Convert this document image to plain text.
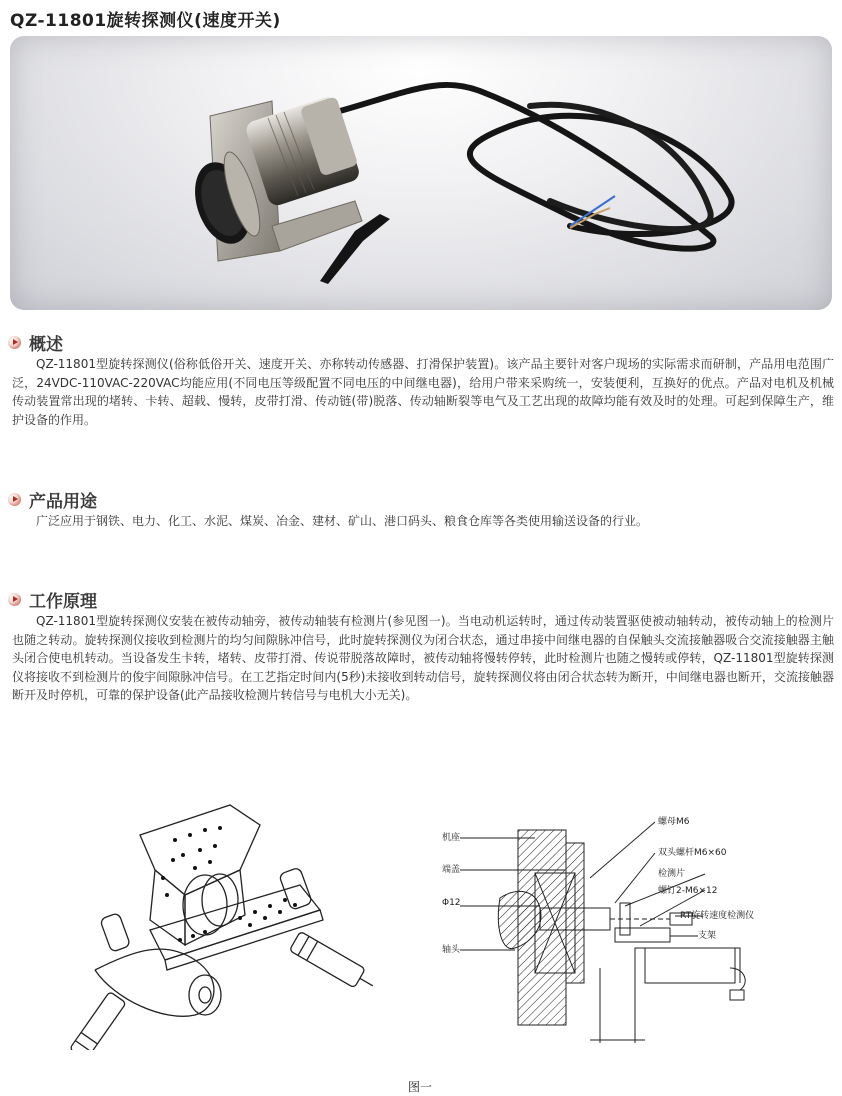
QZ-11801旋转探测仪(速度开关)
概述
QZ-11801型旋转探测仪(俗称低俗开关、速度开关、亦称转动传感器、打滑保护装置)。该产品主要针对客户现场的实际需求而研制，产品用电范围广泛，24VDC-110VAC-220VAC均能应用(不同电压等级配置不同电压的中间继电器)，给用户带来采购统一，安装便利，互换好的优点。产品对电机及机械传动装置常出现的堵转、卡转、超载、慢转，皮带打滑、传动链(带)脱落、传动轴断裂等电气及工艺出现的故障均能有效及时的处理。可起到保障生产，维护设备的作用。
产品用途
广泛应用于钢铁、电力、化工、水泥、煤炭、冶金、建材、矿山、港口码头、粮食仓库等各类使用输送设备的行业。
工作原理
QZ-11801型旋转探测仪安装在被传动轴旁，被传动轴装有检测片(参见图一)。当电动机运转时，通过传动装置驱使被动轴转动，被传动轴上的检测片也随之转动。旋转探测仪接收到检测片的均匀间隙脉冲信号，此时旋转探测仪为闭合状态，通过串接中间继电器的自保触头交流接触器吸合交流接触器主触头闭合使电机转动。当设备发生卡转，堵转、皮带打滑、传说带脱落故障时，被传动轴将慢转停转，此时检测片也随之慢转或停转，QZ-11801型旋转探测仪将接收不到检测片的俊宇间隙脉冲信号。在工艺指定时间内(5秒)未接收到转动信号，旋转探测仪将由闭合状态转为断开，中间继电器也断开，交流接触器断开及时停机，可靠的保护设备(此产品接收检测片转信号与电机大小无关)。
机座
端盖
Φ12
轴头
螺母M6
双头螺杆M6×60
检测片
螺钉2-M6×12
RT旋转速度检测仪
支架
图一
